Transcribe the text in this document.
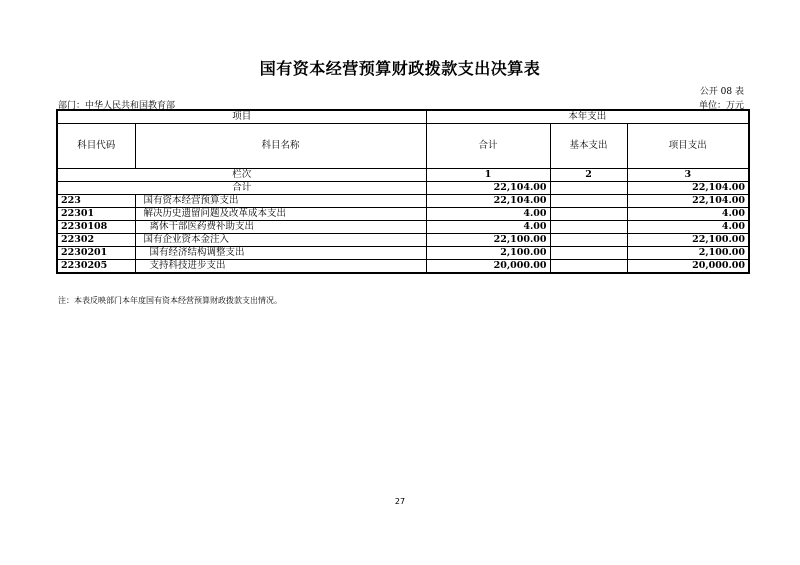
国有资本经营预算财政拨款支出决算表
公开 08 表
部门：中华人民共和国教育部	单位：万元
项目		本年支出		
科目代码	科目名称	合计	基本支出	项目支出
栏次		1	2	3
合计		22,104.00		22,104.00
223	国有资本经营预算支出	22,104.00		22,104.00
22301	解决历史遗留问题及改革成本支出	4.00		4.00
2230108	离休干部医药费补助支出	4.00		4.00
22302	国有企业资本金注入	22,100.00		22,100.00
2230201	国有经济结构调整支出	2,100.00		2,100.00
2230205	支持科技进步支出	20,000.00		20,000.00
注：本表反映部门本年度国有资本经营预算财政拨款支出情况。
27
